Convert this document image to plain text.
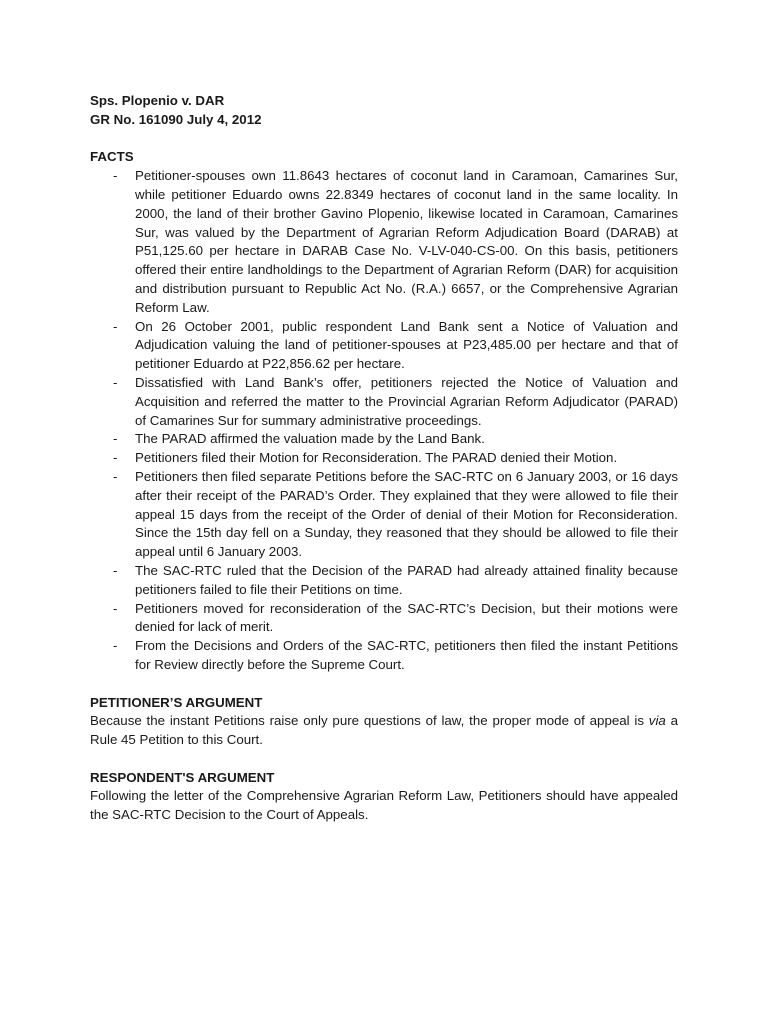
Sps. Plopenio v. DAR

GR No. 161090 July 4, 2012

FACTS

- Petitioner-spouses own 11.8643 hectares of coconut land in Caramoan, Camarines Sur, while petitioner Eduardo owns 22.8349 hectares of coconut land in the same locality. In 2000, the land of their brother Gavino Plopenio, likewise located in Caramoan, Camarines Sur, was valued by the Department of Agrarian Reform Adjudication Board (DARAB) at P51,125.60 per hectare in DARAB Case No. V-LV-040-CS-00. On this basis, petitioners offered their entire landholdings to the Department of Agrarian Reform (DAR) for acquisition and distribution pursuant to Republic Act No. (R.A.) 6657, or the Comprehensive Agrarian Reform Law.
- On 26 October 2001, public respondent Land Bank sent a Notice of Valuation and Adjudication valuing the land of petitioner-spouses at P23,485.00 per hectare and that of petitioner Eduardo at P22,856.62 per hectare.
- Dissatisfied with Land Bank’s offer, petitioners rejected the Notice of Valuation and Acquisition and referred the matter to the Provincial Agrarian Reform Adjudicator (PARAD) of Camarines Sur for summary administrative proceedings.
- The PARAD affirmed the valuation made by the Land Bank.
- Petitioners filed their Motion for Reconsideration. The PARAD denied their Motion.
- Petitioners then filed separate Petitions before the SAC-RTC on 6 January 2003, or 16 days after their receipt of the PARAD’s Order. They explained that they were allowed to file their appeal 15 days from the receipt of the Order of denial of their Motion for Reconsideration. Since the 15th day fell on a Sunday, they reasoned that they should be allowed to file their appeal until 6 January 2003.
- The SAC-RTC ruled that the Decision of the PARAD had already attained finality because petitioners failed to file their Petitions on time.
- Petitioners moved for reconsideration of the SAC-RTC’s Decision, but their motions were denied for lack of merit.
- From the Decisions and Orders of the SAC-RTC, petitioners then filed the instant Petitions for Review directly before the Supreme Court.

PETITIONER’S ARGUMENT

Because the instant Petitions raise only pure questions of law, the proper mode of appeal is via a Rule 45 Petition to this Court.

RESPONDENT'S ARGUMENT

Following the letter of the Comprehensive Agrarian Reform Law, Petitioners should have appealed the SAC-RTC Decision to the Court of Appeals.
